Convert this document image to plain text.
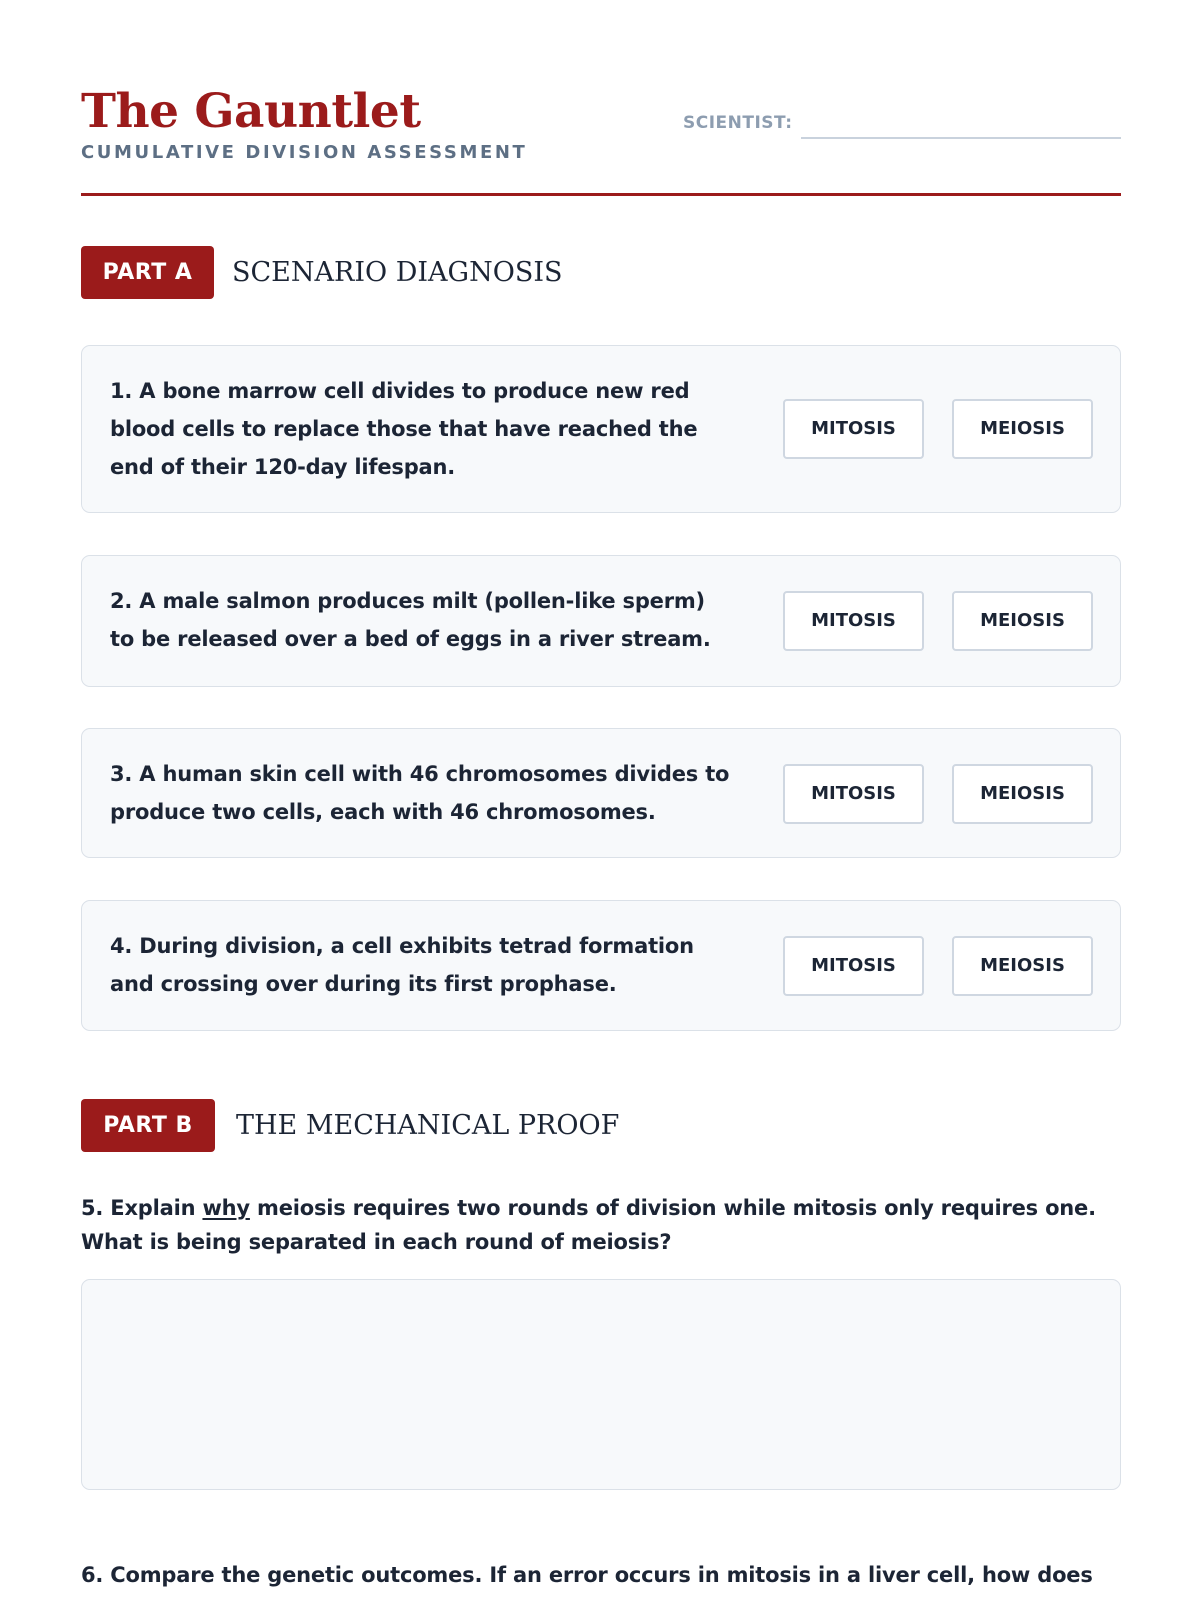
The Gauntlet
CUMULATIVE DIVISION ASSESSMENT
SCIENTIST:
PART A	SCENARIO DIAGNOSIS
1. A bone marrow cell divides to produce new red blood cells to replace those that have reached the end of their 120-day lifespan.
MITOSIS	MEIOSIS
2. A male salmon produces milt (pollen-like sperm) to be released over a bed of eggs in a river stream.
MITOSIS	MEIOSIS
3. A human skin cell with 46 chromosomes divides to produce two cells, each with 46 chromosomes.
MITOSIS	MEIOSIS
4. During division, a cell exhibits tetrad formation and crossing over during its first prophase.
MITOSIS	MEIOSIS
PART B	THE MECHANICAL PROOF
5. Explain why meiosis requires two rounds of division while mitosis only requires one. What is being separated in each round of meiosis?
6. Compare the genetic outcomes. If an error occurs in mitosis in a liver cell, how does
